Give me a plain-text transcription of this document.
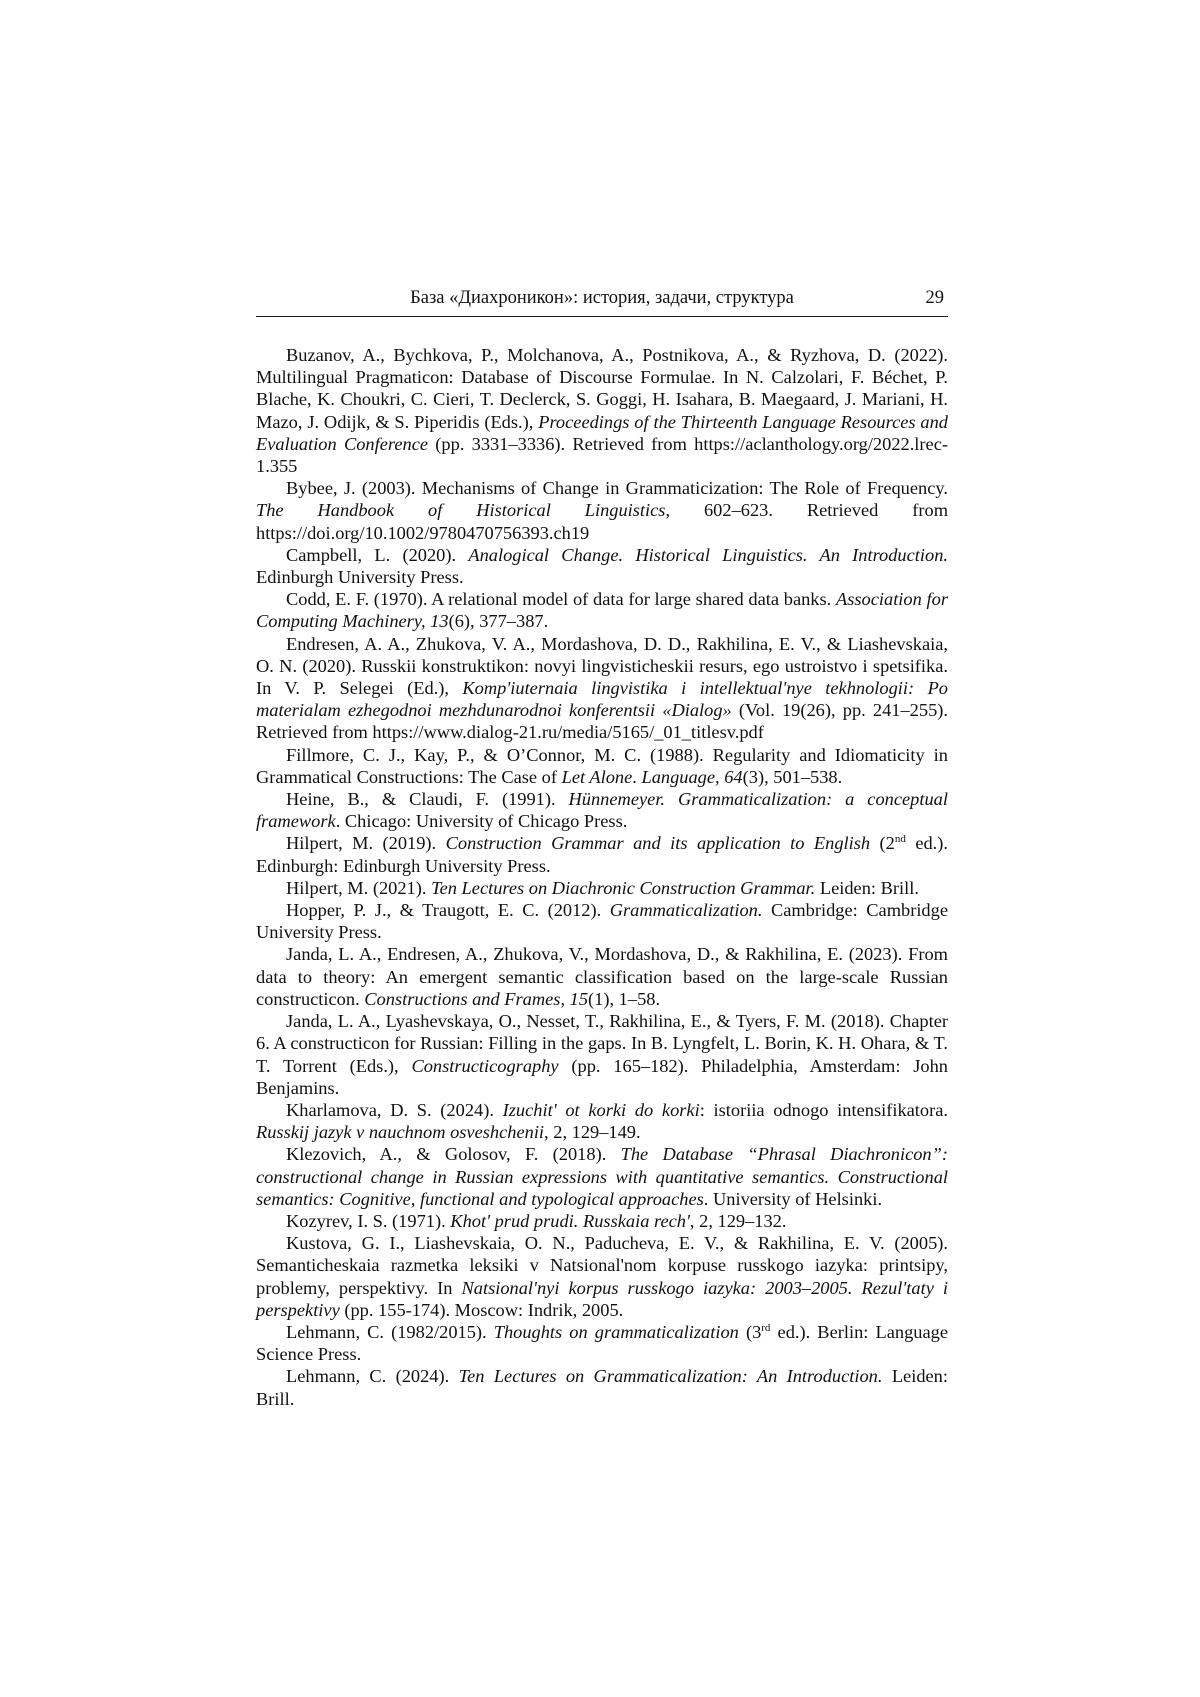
База «Диахроникон»: история, задачи, структура	29

Buzanov, A., Bychkova, P., Molchanova, A., Postnikova, A., & Ryzhova, D. (2022). Multilingual Pragmaticon: Database of Discourse Formulae. In N. Calzolari, F. Béchet, P. Blache, K. Choukri, C. Cieri, T. Declerck, S. Goggi, H. Isahara, B. Maegaard, J. Mariani, H. Mazo, J. Odijk, & S. Piperidis (Eds.), Proceedings of the Thirteenth Language Resources and Evaluation Conference (pp. 3331–3336). Retrieved from https://aclanthology.org/2022.lrec-1.355

Bybee, J. (2003). Mechanisms of Change in Grammaticization: The Role of Frequency. The Handbook of Historical Linguistics, 602–623. Retrieved from https://doi.org/10.1002/9780470756393.ch19

Campbell, L. (2020). Analogical Change. Historical Linguistics. An Introduction. Edinburgh University Press.

Codd, E. F. (1970). A relational model of data for large shared data banks. Association for Computing Machinery, 13(6), 377–387.

Endresen, A. A., Zhukova, V. A., Mordashova, D. D., Rakhilina, E. V., & Liashevskaia, O. N. (2020). Russkii konstruktikon: novyi lingvisticheskii resurs, ego ustroistvo i spetsifika. In V. P. Selegei (Ed.), Komp'iuternaia lingvistika i intellektual'nye tekhnologii: Po materialam ezhegodnoi mezhdunarodnoi konferentsii «Dialog» (Vol. 19(26), pp. 241–255). Retrieved from https://www.dialog-21.ru/media/5165/_01_titlesv.pdf

Fillmore, C. J., Kay, P., & O’Connor, M. C. (1988). Regularity and Idiomaticity in Grammatical Constructions: The Case of Let Alone. Language, 64(3), 501–538.

Heine, B., & Claudi, F. (1991). Hünnemeyer. Grammaticalization: a conceptual framework. Chicago: University of Chicago Press.

Hilpert, M. (2019). Construction Grammar and its application to English (2nd ed.). Edinburgh: Edinburgh University Press.

Hilpert, M. (2021). Ten Lectures on Diachronic Construction Grammar. Leiden: Brill.

Hopper, P. J., & Traugott, E. C. (2012). Grammaticalization. Cambridge: Cambridge University Press.

Janda, L. A., Endresen, A., Zhukova, V., Mordashova, D., & Rakhilina, E. (2023). From data to theory: An emergent semantic classification based on the large-scale Russian constructicon. Constructions and Frames, 15(1), 1–58.

Janda, L. A., Lyashevskaya, O., Nesset, T., Rakhilina, E., & Tyers, F. M. (2018). Chapter 6. A constructicon for Russian: Filling in the gaps. In B. Lyngfelt, L. Borin, K. H. Ohara, & T. T. Torrent (Eds.), Constructicography (pp. 165–182). Philadelphia, Amsterdam: John Benjamins.

Kharlamova, D. S. (2024). Izuchit' ot korki do korki: istoriia odnogo intensifikatora. Russkij jazyk v nauchnom osveshchenii, 2, 129–149.

Klezovich, A., & Golosov, F. (2018). The Database “Phrasal Diachronicon”: constructional change in Russian expressions with quantitative semantics. Constructional semantics: Cognitive, functional and typological approaches. University of Helsinki.

Kozyrev, I. S. (1971). Khot' prud prudi. Russkaia rech', 2, 129–132.

Kustova, G. I., Liashevskaia, O. N., Paducheva, E. V., & Rakhilina, E. V. (2005). Semanticheskaia razmetka leksiki v Natsional'nom korpuse russkogo iazyka: printsipy, problemy, perspektivy. In Natsional'nyi korpus russkogo iazyka: 2003–2005. Rezul'taty i perspektivy (pp. 155-174). Moscow: Indrik, 2005.

Lehmann, C. (1982/2015). Thoughts on grammaticalization (3rd ed.). Berlin: Language Science Press.

Lehmann, C. (2024). Ten Lectures on Grammaticalization: An Introduction. Leiden: Brill.
